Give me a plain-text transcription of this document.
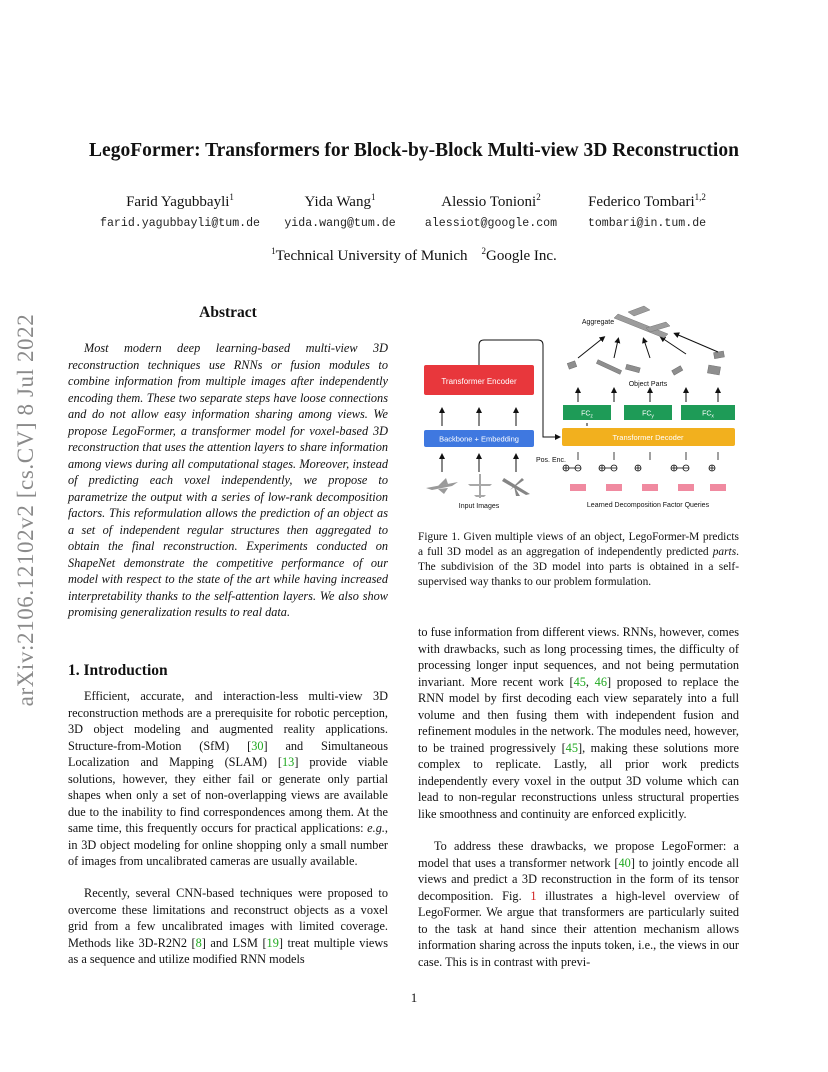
arXiv:2106.12102v2 [cs.CV] 8 Jul 2022
LegoFormer: Transformers for Block-by-Block Multi-view 3D Reconstruction
Farid Yagubbayli$^1$
farid.yagubbayli@tum.de
Yida Wang$^1$
yida.wang@tum.de
Alessio Tonioni$^2$
alessiot@google.com
Federico Tombari$^{1,2}$
tombari@in.tum.de
$^1$Technical University of Munich $^2$Google Inc.
Abstract

Most modern deep learning-based multi-view 3D reconstruction techniques use RNNs or fusion modules to combine information from multiple images after independently encoding them. These two separate steps have loose connections and do not allow easy information sharing among views. We propose LegoFormer, a transformer model for voxel-based 3D reconstruction that uses the attention layers to share information among views during all computational stages. Moreover, instead of predicting each voxel independently, we propose to parametrize the output with a series of low-rank decomposition factors. This reformulation allows the prediction of an object as a set of independent regular structures then aggregated to obtain the final reconstruction. Experiments conducted on ShapeNet demonstrate the competitive performance of our model with respect to the state of the art while having increased interpretability thanks to the self-attention layers. We also show promising generalization results to real data.

1. Introduction

Efficient, accurate, and interaction-less multi-view 3D reconstruction methods are a prerequisite for robotic perception, 3D object modeling and augmented reality applications. Structure-from-Motion (SfM) [30] and Simultaneous Localization and Mapping (SLAM) [13] provide viable solutions, however, they either fail or generate only partial shapes when only a set of non-overlapping views are available due to the inability to find correspondences among them. At the same time, this frequently occurs for practical applications: e.g., in 3D object modeling for online shopping only a small number of images from uncalibrated cameras are usually available.

Recently, several CNN-based techniques were proposed to overcome these limitations and reconstruct objects as a voxel grid from a few uncalibrated images with limited coverage. Methods like 3D-R2N2 [8] and LSM [19] treat multiple views as a sequence and utilize modified RNN models

to fuse information from different views. RNNs, however, comes with drawbacks, such as long processing times, the difficulty of processing longer input sequences, and not being permutation invariant. More recent work [45, 46] proposed to replace the RNN model by first decoding each view separately into a full volume and then fusing them with independent fusion and refinement modules in the network. The modules need, however, to be trained progressively [45], making these solutions more complex to replicate. Lastly, all prior work predicts independently every voxel in the output 3D volume which can lead to non-regular reconstructions unless structural properties like smoothness and continuity are enforced explicitly.

To address these drawbacks, we propose LegoFormer: a model that uses a transformer network [40] to jointly encode all views and predict a 3D reconstruction in the form of its tensor decomposition. Fig. 1 illustrates a high-level overview of LegoFormer. We argue that transformers are particularly suited to the task at hand since their attention mechanism allows information sharing across the inputs token, i.e., the views in our case. This is in contrast with previ-

Transformer Encoder
Backbone + Embedding	Transformer Decoder
$FC_z$	$FC_y$	$FC_x$
Input Images
Pos. Enc.
Learned Decomposition Factor Queries
Object Parts
Aggregate
Figure 1. Given multiple views of an object, LegoFormer-M predicts a full 3D model as an aggregation of independently predicted parts. The subdivision of the 3D model into parts is obtained in a self-supervised way thanks to our problem formulation.
1
